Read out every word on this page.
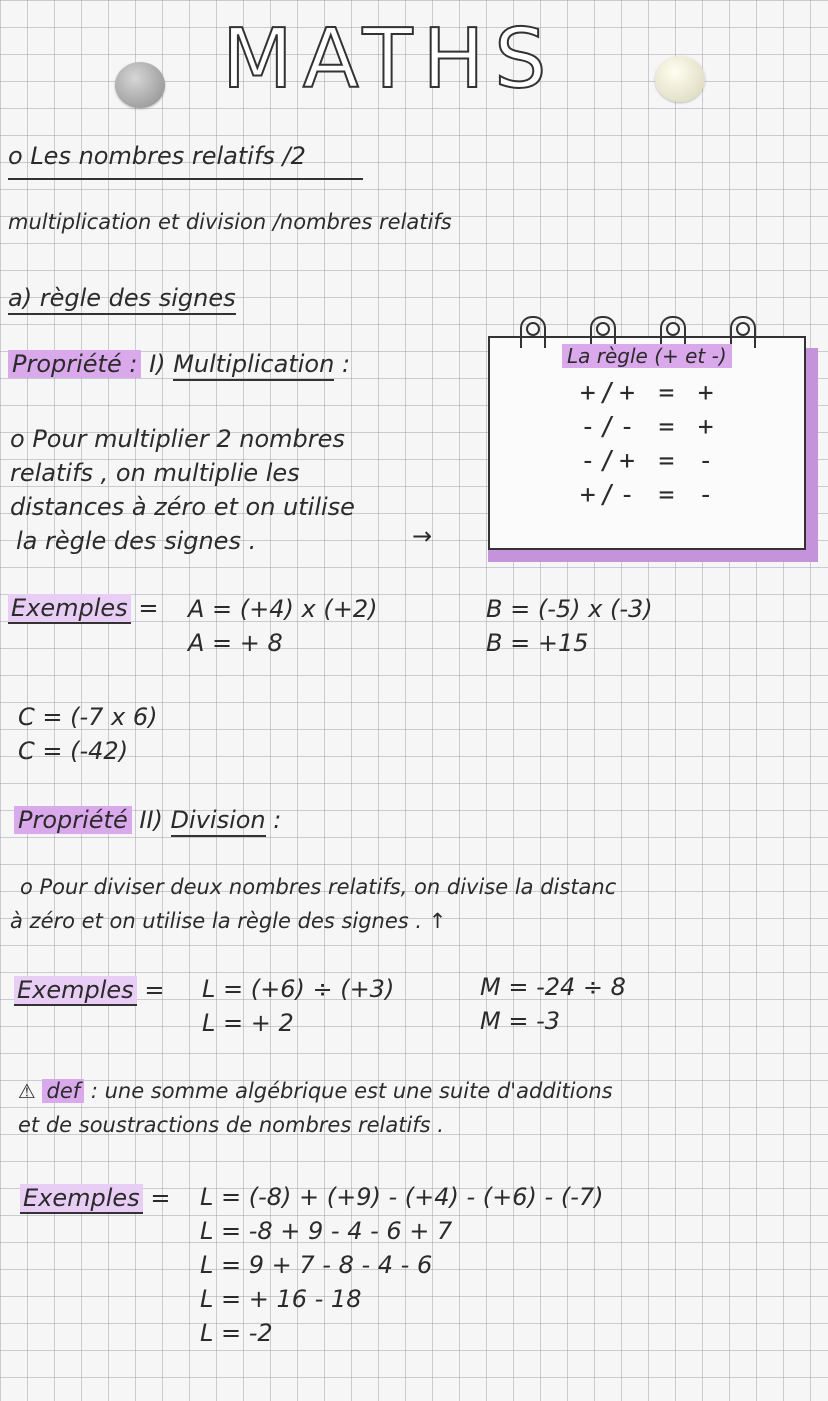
MATHS
o Les nombres relatifs /2
multiplication et division /nombres relatifs
a) règle des signes
Propriété : I) Multiplication :
o Pour multiplier 2 nombres
relatifs , on multiplie les
distances à zéro et on utilise
la règle des signes .	→
La règle (+ et -)
+/+ = +
-/- = +
-/+ = -
+/- = -
Exemples = A = (+4) x (+2)
A = + 8
B = (-5) x (-3)
B = +15
C = (-7 x 6)
C = (-42)
Propriété II) Division :
o Pour diviser deux nombres relatifs, on divise la distanc
à zéro et on utilise la règle des signes . ↑
Exemples = L = (+6) ÷ (+3)
L = + 2
M = -24 ÷ 8
M = -3
⚠ def : une somme algébrique est une suite d'additions
et de soustractions de nombres relatifs .
Exemples = L = (-8) + (+9) - (+4) - (+6) - (-7)
L = -8 + 9 - 4 - 6 + 7
L = 9 + 7 - 8 - 4 - 6
L = + 16 - 18
L = -2
